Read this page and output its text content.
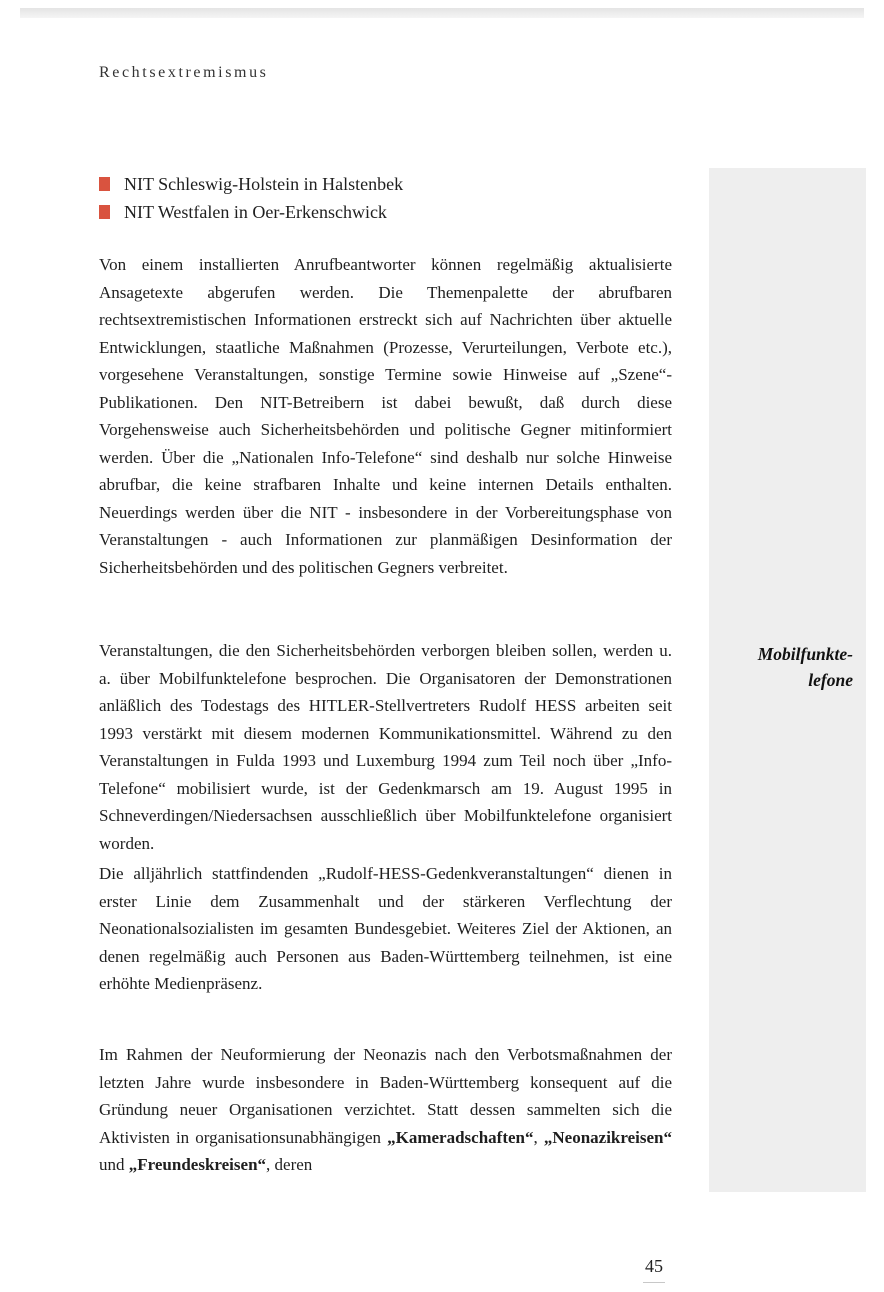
Rechtsextremismus
Mobilfunkte-
lefone
NIT Schleswig-Holstein in Halstenbek
NIT Westfalen in Oer-Erkenschwick

Von einem installierten Anrufbeantworter können regelmäßig aktualisierte Ansagetexte abgerufen werden. Die Themenpalette der abrufbaren rechtsextremistischen Informationen erstreckt sich auf Nachrichten über aktuelle Entwicklungen, staatliche Maßnahmen (Prozesse, Verurteilungen, Verbote etc.), vorgesehene Veranstaltungen, sonstige Termine sowie Hinweise auf „Szene“-Publikationen. Den NIT-Betreibern ist dabei bewußt, daß durch diese Vorgehensweise auch Sicherheitsbehörden und politische Gegner mitinformiert werden. Über die „Nationalen Info-Telefone“ sind deshalb nur solche Hinweise abrufbar, die keine strafbaren Inhalte und keine internen Details enthalten. Neuerdings werden über die NIT - insbesondere in der Vorbereitungsphase von Veranstaltungen - auch Informationen zur planmäßigen Desinformation der Sicherheitsbehörden und des politischen Gegners verbreitet.

Veranstaltungen, die den Sicherheitsbehörden verborgen bleiben sollen, werden u. a. über Mobilfunktelefone besprochen. Die Organisatoren der Demonstrationen anläßlich des Todestags des HITLER-Stellvertreters Rudolf HESS arbeiten seit 1993 verstärkt mit diesem modernen Kommunikationsmittel. Während zu den Veranstaltungen in Fulda 1993 und Luxemburg 1994 zum Teil noch über „Info-Telefone“ mobilisiert wurde, ist der Gedenkmarsch am 19. August 1995 in Schneverdingen/Niedersachsen ausschließlich über Mobilfunktelefone organisiert worden.

Die alljährlich stattfindenden „Rudolf-HESS-Gedenkveranstaltungen“ dienen in erster Linie dem Zusammenhalt und der stärkeren Verflechtung der Neonationalsozialisten im gesamten Bundesgebiet. Weiteres Ziel der Aktionen, an denen regelmäßig auch Personen aus Baden-Württemberg teilnehmen, ist eine erhöhte Medienpräsenz.

Im Rahmen der Neuformierung der Neonazis nach den Verbotsmaßnahmen der letzten Jahre wurde insbesondere in Baden-Württemberg konsequent auf die Gründung neuer Organisationen verzichtet. Statt dessen sammelten sich die Aktivisten in organisationsunabhängigen „Kameradschaften“, „Neonazikreisen“ und „Freundeskreisen“, deren

45
